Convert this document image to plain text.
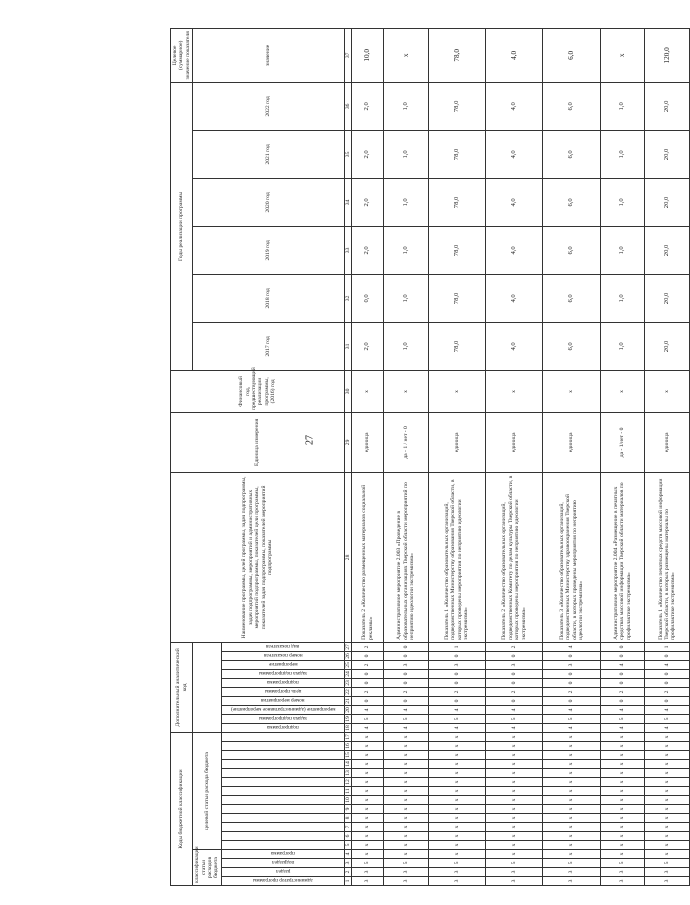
27
Коды бюджетной классификации																	Дополнительный аналитический код										Наименование программы, целей программы, задач подпрограммы, задач подпрограммы, мероприятий и административных мероприятий подпрограммы, показателей цели программы, показателей задач подпрограммы, показателей мероприятий подпрограммы	Единица измерения	Финансовый год, предшествующий реализации программы, (2016) год	Годы реализации программы						Целевое (суммарное) значение показателя
классификации статьи расходов бюджета				целевой статьи расхода бюджета																										2017 год	2018 год	2019 год	2020 год	2021 год	2022 год	значение

администратор программы	раздел	подраздел	программа														подпрограмма	задача подпрограммы	мероприятие (административное мероприятие)	номер мероприятия	цель программы	подпрограмма	задача подпрограммы	мероприятие	номер показателя	вид показателя										

1	2	3	4	5	6	7	8	9	10	11	12	13	14	15	16	17	18	19	20	21	22	23	24	25	26	27	28	29	30	31	32	33	34	35	36	37
3	3	5	х	х	х	х	х	х	х	х	х	х	х	х	х	х	4	5	4	0	2	0	0	2	0	2	Показатель 2 «Количество размещенных материалов социальной рекламы»	единица	х	2,0	0,0	2,0	2,0	2,0	2,0	10,0
3	3	5	х	х	х	х	х	х	х	х	х	х	х	х	х	х	4	5	4	0	2	0	0	3	0	0	Административное мероприятие 2.003 «Проведение в образовательных организациях Тверской области мероприятий по неприятию идеологии экстремизма»	да - 1 / нет - 0	х	1,0	1,0	1,0	1,0	1,0	1,0	х
3	3	5	х	х	х	х	х	х	х	х	х	х	х	х	х	х	4	5	4	0	2	0	0	3	0	1	Показатель 1 «Количество образовательных организаций, подведомственных Министерству образования Тверской области, в которых проведены мероприятия по неприятию идеологии экстремизма»	единица	х	78,0	78,0	78,0	78,0	78,0	78,0	78,0
3	3	5	х	х	х	х	х	х	х	х	х	х	х	х	х	х	4	5	4	0	2	0	0	3	0	2	Показатель 2 «Количество образовательных организаций, подведомственных Комитету по делам культуры Тверской области, в которых проведены мероприятия по неприятию идеологии экстремизма»	единица	х	4,0	4,0	4,0	4,0	4,0	4,0	4,0
3	3	5	х	х	х	х	х	х	х	х	х	х	х	х	х	х	4	5	4	0	2	0	0	3	0	4	Показатель 3 «Количество образовательных организаций, подведомственных Министерству здравоохранения Тверской области, в которых проведены мероприятия по неприятию идеологии экстремизма»	единица	х	6,0	6,0	6,0	6,0	6,0	6,0	6,0
3	3	5	х	х	х	х	х	х	х	х	х	х	х	х	х	х	4	5	4	0	2	0	0	4	0	0	Административное мероприятие 2.004 «Размещение в печатных средствах массовой информации Тверской области материалов по профилактике экстремизма»	да - 1/нет - 0	х	1,0	1,0	1,0	1,0	1,0	1,0	х
3	3	5	х	х	х	х	х	х	х	х	х	х	х	х	х	х	4	5	4	0	2	0	0	4	0	1	Показатель 1 «Количество печатных средств массовой информации Тверской области, в которых размещены материалы по профилактике экстремизма»	единица	х	20,0	20,0	20,0	20,0	20,0	20,0	120,0
